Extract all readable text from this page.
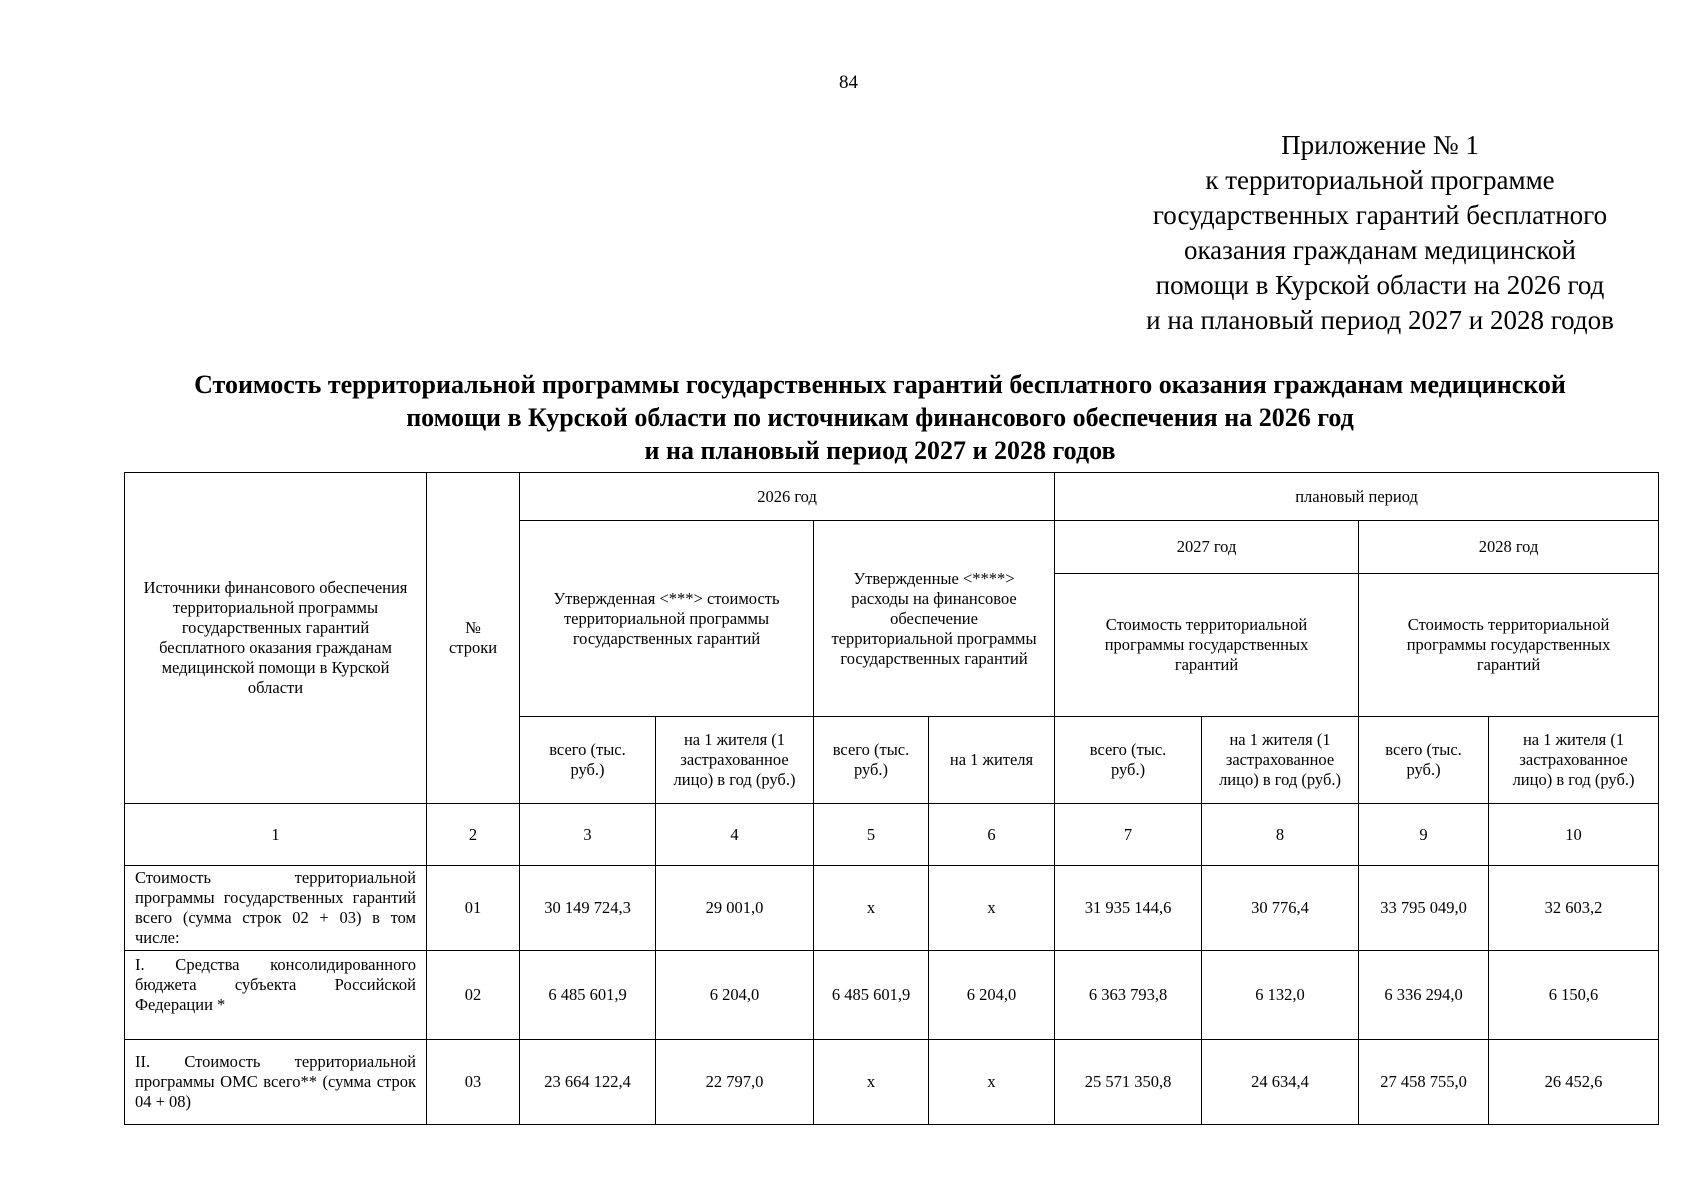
84
Приложение № 1
к территориальной программе
государственных гарантий бесплатного
оказания гражданам медицинской
помощи в Курской области на 2026 год
и на плановый период 2027 и 2028 годов
Стоимость территориальной программы государственных гарантий бесплатного оказания гражданам медицинской
помощи в Курской области по источникам финансового обеспечения на 2026 год
и на плановый период 2027 и 2028 годов
Источники финансового обеспечения территориальной программы государственных гарантий бесплатного оказания гражданам медицинской помощи в Курской области	№ строки	2026 год				плановый период			
		Утвержденная <***> стоимость территориальной программы государственных гарантий		Утвержденные <****> расходы на финансовое обеспечение территориальной программы государственных гарантий		2027 год		2028 год	
						Стоимость территориальной программы государственных гарантий		Стоимость территориальной программы государственных гарантий	
		всего (тыс. руб.)	на 1 жителя (1 застрахованное лицо) в год (руб.)	всего (тыс. руб.)	на 1 жителя	всего (тыс. руб.)	на 1 жителя (1 застрахованное лицо) в год (руб.)	всего (тыс. руб.)	на 1 жителя (1 застрахованное лицо) в год (руб.)
1	2	3	4	5	6	7	8	9	10
Стоимость территориальной программы государственных гарантий всего (сумма строк 02 + 03) в том числе:	01	30 149 724,3	29 001,0	х	х	31 935 144,6	30 776,4	33 795 049,0	32 603,2
I. Средства консолидированного бюджета субъекта Российской Федерации *	02	6 485 601,9	6 204,0	6 485 601,9	6 204,0	6 363 793,8	6 132,0	6 336 294,0	6 150,6
II. Стоимость территориальной программы ОМС всего** (сумма строк 04 + 08)	03	23 664 122,4	22 797,0	х	х	25 571 350,8	24 634,4	27 458 755,0	26 452,6
